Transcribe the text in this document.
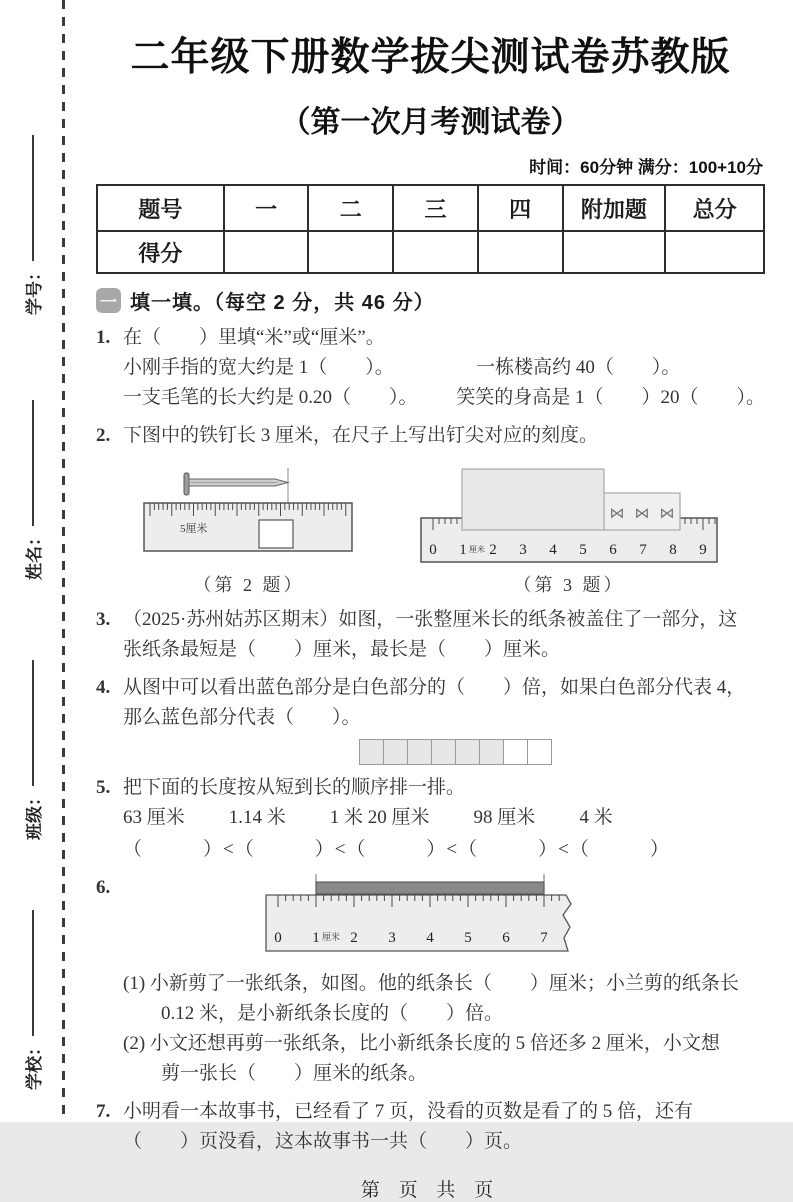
学号：
姓名：
班级：
学校：
二年级下册数学拔尖测试卷苏教版
（第一次月考测试卷）
时间：60分钟 满分：100+10分
题号	一	二	三	四	附加题	总分
得分						
一 填一填。（每空 2 分，共 46 分）
1. 在（　　）里填“米”或“厘米”。
小刚手指的宽大约是 1（　　）。	一栋楼高约 40（　　）。
一支毛笔的长大约是 0.20（　　）。	笑笑的身高是 1（　　）20（　　）。
2. 下图中的铁钉长 3 厘米，在尺子上写出钉尖对应的刻度。
5厘米
（第 2 题）
0 1 厘米 2 3 4 5 6 7 8 9
⋈ ⋈ ⋈
（第 3 题）
3. （2025·苏州姑苏区期末）如图，一张整厘米长的纸条被盖住了一部分，这
张纸条最短是（　　）厘米，最长是（　　）厘米。
4. 从图中可以看出蓝色部分是白色部分的（　　）倍，如果白色部分代表 4，
那么蓝色部分代表（　　）。
5. 把下面的长度按从短到长的顺序排一排。
63 厘米 1.14 米 1 米 20 厘米 98 厘米 4 米
（　　　）<（　　　）<（　　　）<（　　　）<（　　　）
6.
0 1 厘米 2 3 4 5 6 7
(1) 小新剪了一张纸条，如图。他的纸条长（　　）厘米；小兰剪的纸条长
0.12 米，是小新纸条长度的（　　）倍。
(2) 小文还想再剪一张纸条，比小新纸条长度的 5 倍还多 2 厘米，小文想
剪一张长（　　）厘米的纸条。
7. 小明看一本故事书，已经看了 7 页，没看的页数是看了的 5 倍，还有
（　　）页没看，这本故事书一共（　　）页。
第 页 共 页
